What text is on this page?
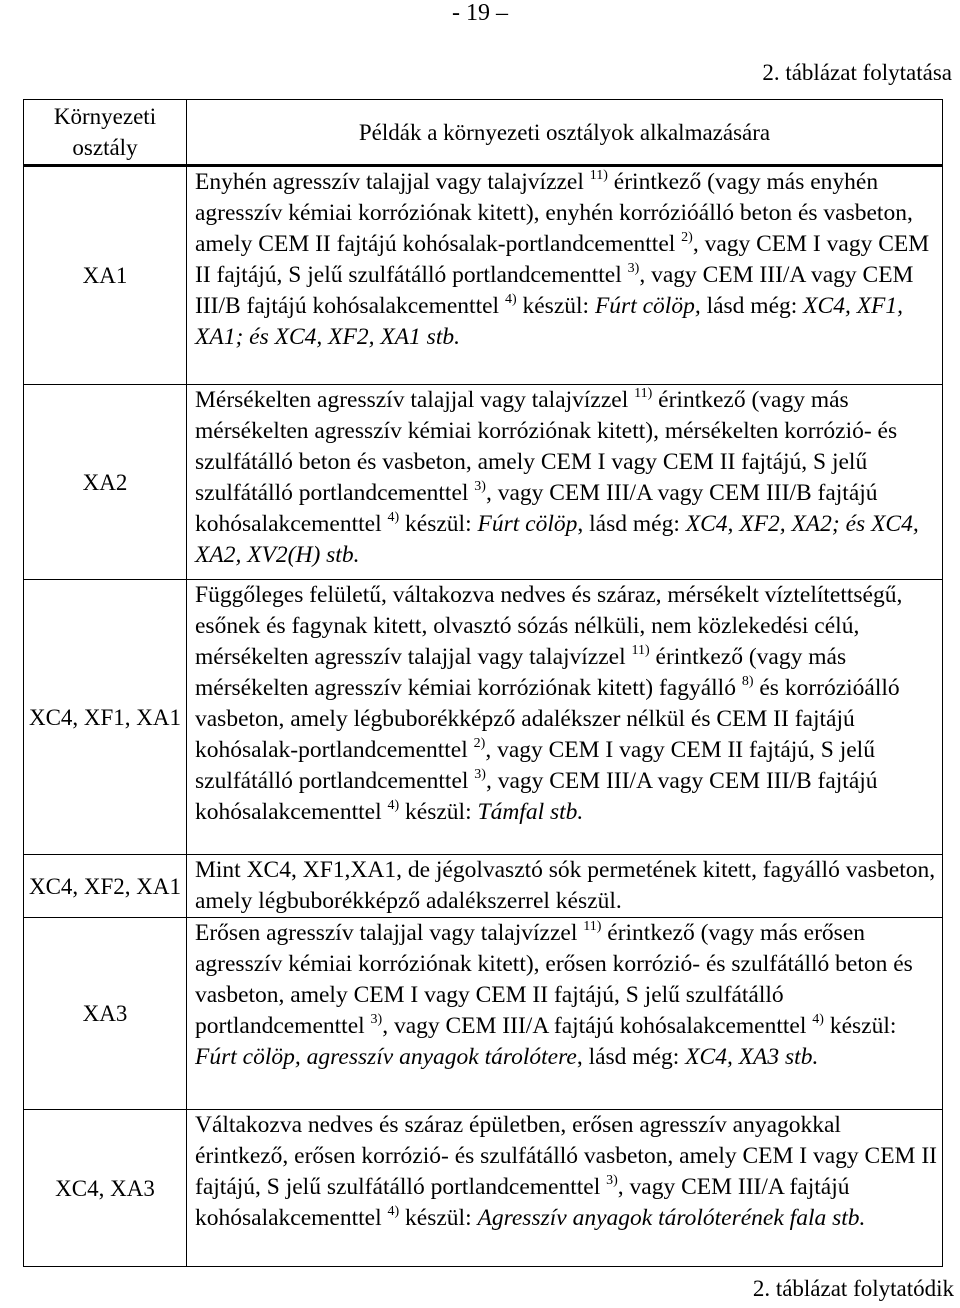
- 19 –
2. táblázat folytatása
Környezeti osztály	Példák a környezeti osztályok alkalmazására
XA1	Enyhén agresszív talajjal vagy talajvízzel $^{11)}$ érintkező (vagy más enyhén agresszív kémiai korróziónak kitett), enyhén korrózióálló beton és vasbeton, amely CEM II fajtájú kohósalak-portlandcementtel $^{2)}$, vagy CEM I vagy CEM II fajtájú, S jelű szulfátálló portlandcementtel $^{3)}$, vagy CEM III/A vagy CEM III/B fajtájú kohósalakcementtel $^{4)}$ készül: Fúrt cölöp, lásd még: XC4, XF1, XA1; és XC4, XF2, XA1 stb.
XA2	Mérsékelten agresszív talajjal vagy talajvízzel $^{11)}$ érintkező (vagy más mérsékelten agresszív kémiai korróziónak kitett), mérsékelten korrózió- és szulfátálló beton és vasbeton, amely CEM I vagy CEM II fajtájú, S jelű szulfátálló portlandcementtel $^{3)}$, vagy CEM III/A vagy CEM III/B fajtájú kohósalakcementtel $^{4)}$ készül: Fúrt cölöp, lásd még: XC4, XF2, XA2; és XC4, XA2, XV2(H) stb.
XC4, XF1, XA1	Függőleges felületű, váltakozva nedves és száraz, mérsékelt víztelítettségű, esőnek és fagynak kitett, olvasztó sózás nélküli, nem közlekedési célú, mérsékelten agresszív talajjal vagy talajvízzel $^{11)}$ érintkező (vagy más mérsékelten agresszív kémiai korróziónak kitett) fagyálló $^{8)}$ és korrózióálló vasbeton, amely légbuborékképző adalékszer nélkül és CEM II fajtájú kohósalak-portlandcementtel $^{2)}$, vagy CEM I vagy CEM II fajtájú, S jelű szulfátálló portlandcementtel $^{3)}$, vagy CEM III/A vagy CEM III/B fajtájú kohósalakcementtel $^{4)}$ készül: Támfal stb.
XC4, XF2, XA1	Mint XC4, XF1,XA1, de jégolvasztó sók permetének kitett, fagyálló vasbeton, amely légbuborékképző adalékszerrel készül.
XA3	Erősen agresszív talajjal vagy talajvízzel $^{11)}$ érintkező (vagy más erősen agresszív kémiai korróziónak kitett), erősen korrózió- és szulfátálló beton és vasbeton, amely CEM I vagy CEM II fajtájú, S jelű szulfátálló portlandcementtel $^{3)}$, vagy CEM III/A fajtájú kohósalakcementtel $^{4)}$ készül: Fúrt cölöp, agresszív anyagok tárolótere, lásd még: XC4, XA3 stb.
XC4, XA3	Váltakozva nedves és száraz épületben, erősen agresszív anyagokkal érintkező, erősen korrózió- és szulfátálló vasbeton, amely CEM I vagy CEM II fajtájú, S jelű szulfátálló portlandcementtel $^{3)}$, vagy CEM III/A fajtájú kohósalakcementtel $^{4)}$ készül: Agresszív anyagok tárolóterének fala stb.
2. táblázat folytatódik
